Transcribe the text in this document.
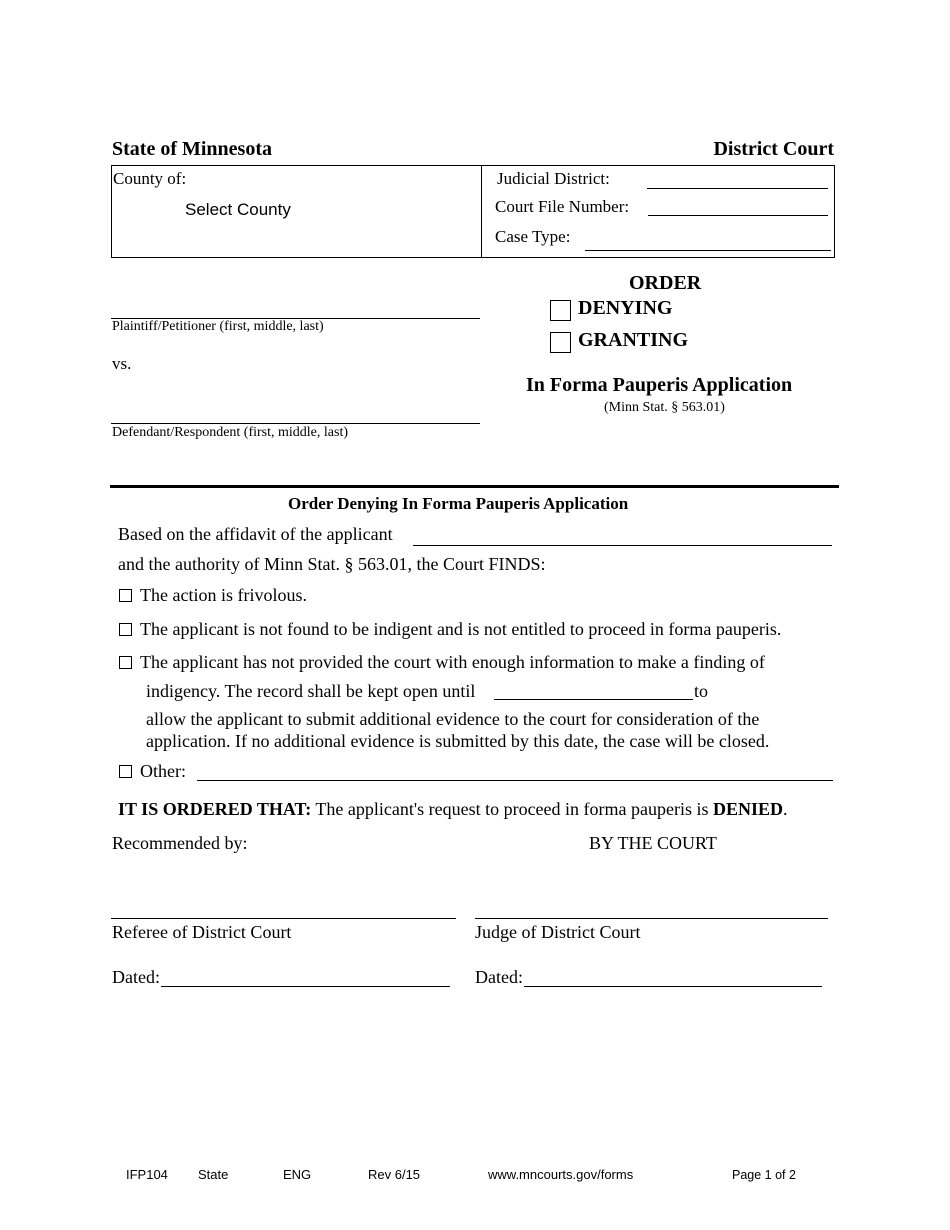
State of Minnesota	District Court
County of:
Select County
Judicial District:
Court File Number:
Case Type:
Plaintiff/Petitioner (first, middle, last)
vs.
Defendant/Respondent (first, middle, last)
ORDER
DENYING
GRANTING
In Forma Pauperis Application
(Minn Stat. § 563.01)
Order Denying In Forma Pauperis Application
Based on the affidavit of the applicant
and the authority of Minn Stat. § 563.01, the Court FINDS:
The action is frivolous.
The applicant is not found to be indigent and is not entitled to proceed in forma pauperis.
The applicant has not provided the court with enough information to make a finding of
indigency. The record shall be kept open until	to
allow the applicant to submit additional evidence to the court for consideration of the
application. If no additional evidence is submitted by this date, the case will be closed.
Other:
IT IS ORDERED THAT: The applicant's request to proceed in forma pauperis is DENIED.
Recommended by:	BY THE COURT
Referee of District Court	Judge of District Court
Dated:	Dated:
IFP104 State	ENG	Rev 6/15	www.mncourts.gov/forms	Page 1 of 2
